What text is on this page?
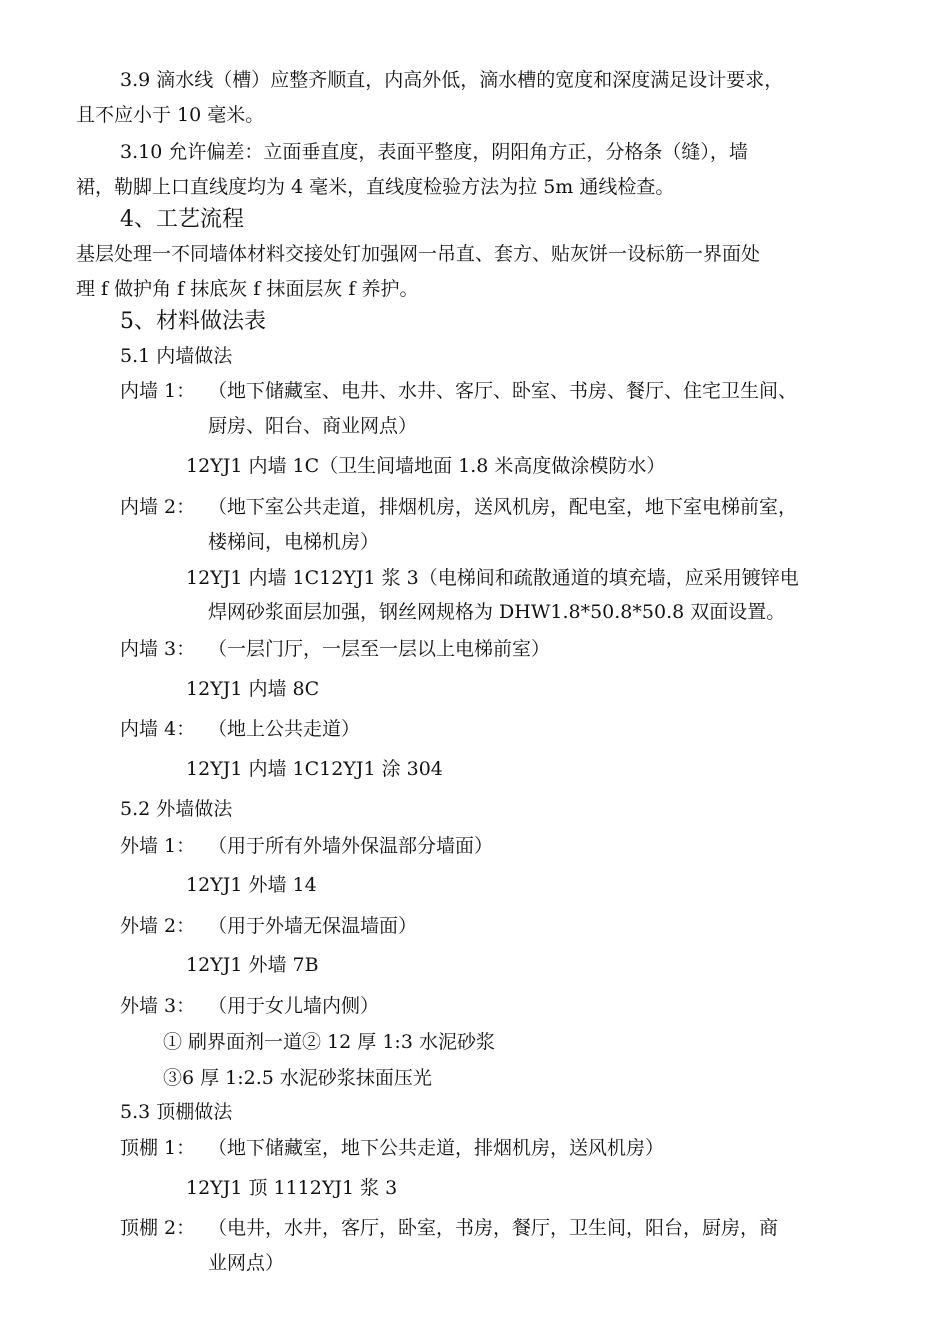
3.9 滴水线（槽）应整齐顺直，内高外低，滴水槽的宽度和深度满足设计要求，
且不应小于 10 毫米。
3.10 允许偏差：立面垂直度，表面平整度，阴阳角方正，分格条（缝），墙
裙，勒脚上口直线度均为 4 毫米，直线度检验方法为拉 5m 通线检查。
4、工艺流程
基层处理一不同墙体材料交接处钉加强网一吊直、套方、贴灰饼一设标筋一界面处
理 f 做护角 f 抹底灰 f 抹面层灰 f 养护。
5、材料做法表
5.1 内墙做法
内墙 1： （地下储藏室、电井、水井、客厅、卧室、书房、餐厅、住宅卫生间、
厨房、阳台、商业网点）
12YJ1 内墙 1C（卫生间墙地面 1.8 米高度做涂模防水）
内墙 2： （地下室公共走道，排烟机房，送风机房，配电室，地下室电梯前室，
楼梯间，电梯机房）
12YJ1 内墙 1C12YJ1 浆 3（电梯间和疏散通道的填充墙，应采用镀锌电
焊网砂浆面层加强，钢丝网规格为 DHW1.8*50.8*50.8 双面设置。
内墙 3： （一层门厅，一层至一层以上电梯前室）
12YJ1 内墙 8C
内墙 4： （地上公共走道）
12YJ1 内墙 1C12YJ1 涂 304
5.2 外墙做法
外墙 1： （用于所有外墙外保温部分墙面）
12YJ1 外墙 14
外墙 2： （用于外墙无保温墙面）
12YJ1 外墙 7B
外墙 3： （用于女儿墙内侧）
① 刷界面剂一道② 12 厚 1:3 水泥砂浆
③6 厚 1:2.5 水泥砂浆抹面压光
5.3 顶棚做法
顶棚 1： （地下储藏室，地下公共走道，排烟机房，送风机房）
12YJ1 顶 1112YJ1 浆 3
顶棚 2： （电井，水井，客厅，卧室，书房，餐厅，卫生间，阳台，厨房，商
业网点）
